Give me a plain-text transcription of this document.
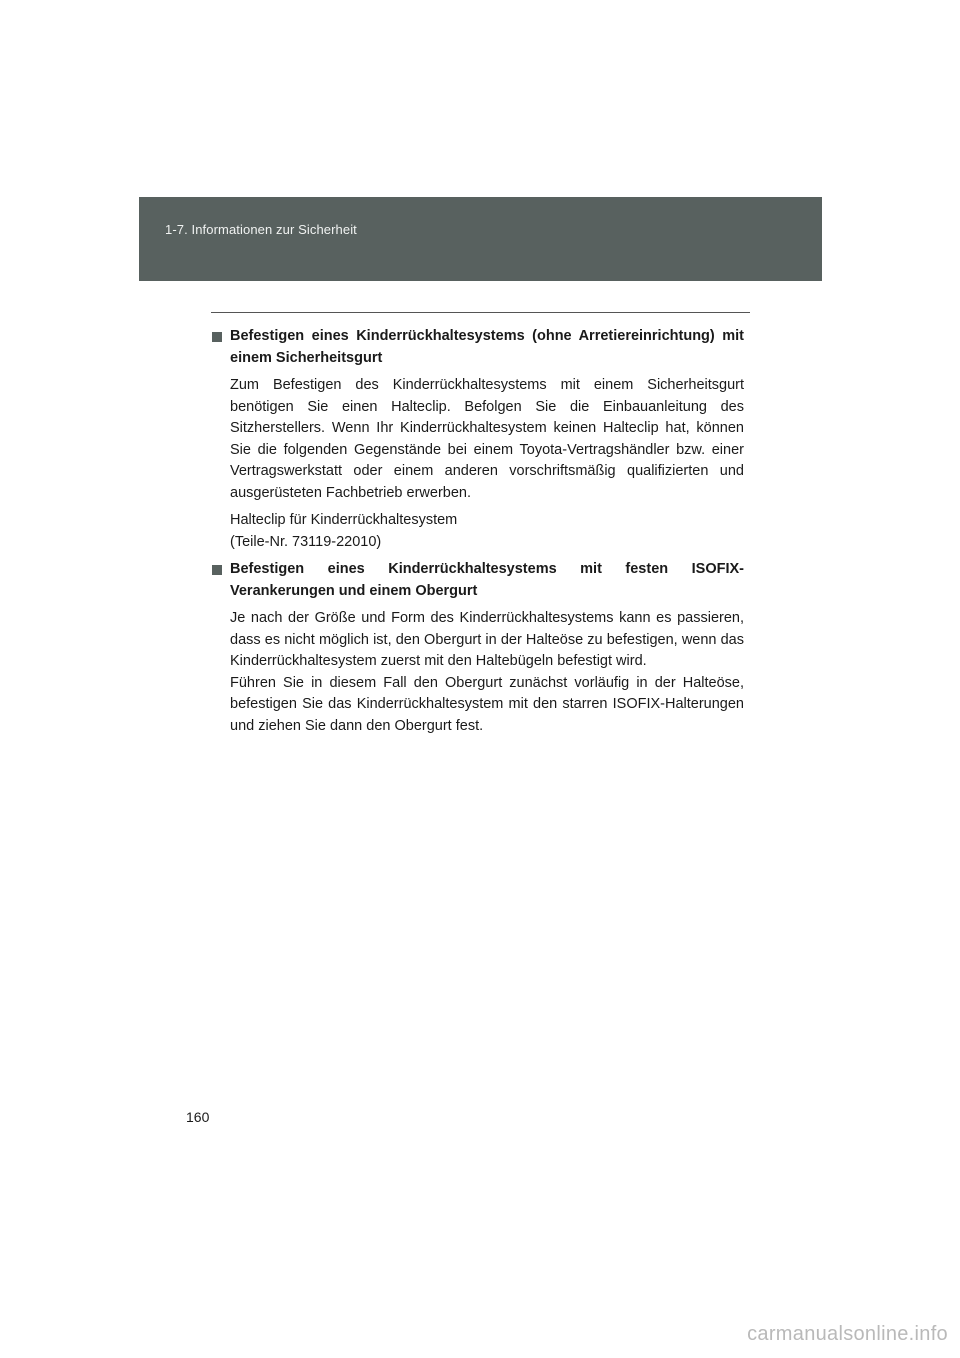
1-7. Informationen zur Sicherheit

Befestigen eines Kinderrückhaltesystems (ohne Arretiereinrichtung) mit einem Sicherheitsgurt

Zum Befestigen des Kinderrückhaltesystems mit einem Sicherheitsgurt benötigen Sie einen Halteclip. Befolgen Sie die Einbauanleitung des Sitzherstellers. Wenn Ihr Kinderrückhaltesystem keinen Halteclip hat, können Sie die folgenden Gegenstände bei einem Toyota-Vertragshändler bzw. einer Vertragswerkstatt oder einem anderen vorschriftsmäßig qualifizierten und ausgerüsteten Fachbetrieb erwerben.

Halteclip für Kinderrückhaltesystem

(Teile-Nr. 73119-22010)

Befestigen eines Kinderrückhaltesystems mit festen ISOFIX-Verankerungen und einem Obergurt

Je nach der Größe und Form des Kinderrückhaltesystems kann es passieren, dass es nicht möglich ist, den Obergurt in der Halteöse zu befestigen, wenn das Kinderrückhaltesystem zuerst mit den Haltebügeln befestigt wird.

Führen Sie in diesem Fall den Obergurt zunächst vorläufig in der Halteöse, befestigen Sie das Kinderrückhaltesystem mit den starren ISOFIX-Halterungen und ziehen Sie dann den Obergurt fest.

160
carmanualsonline.info
